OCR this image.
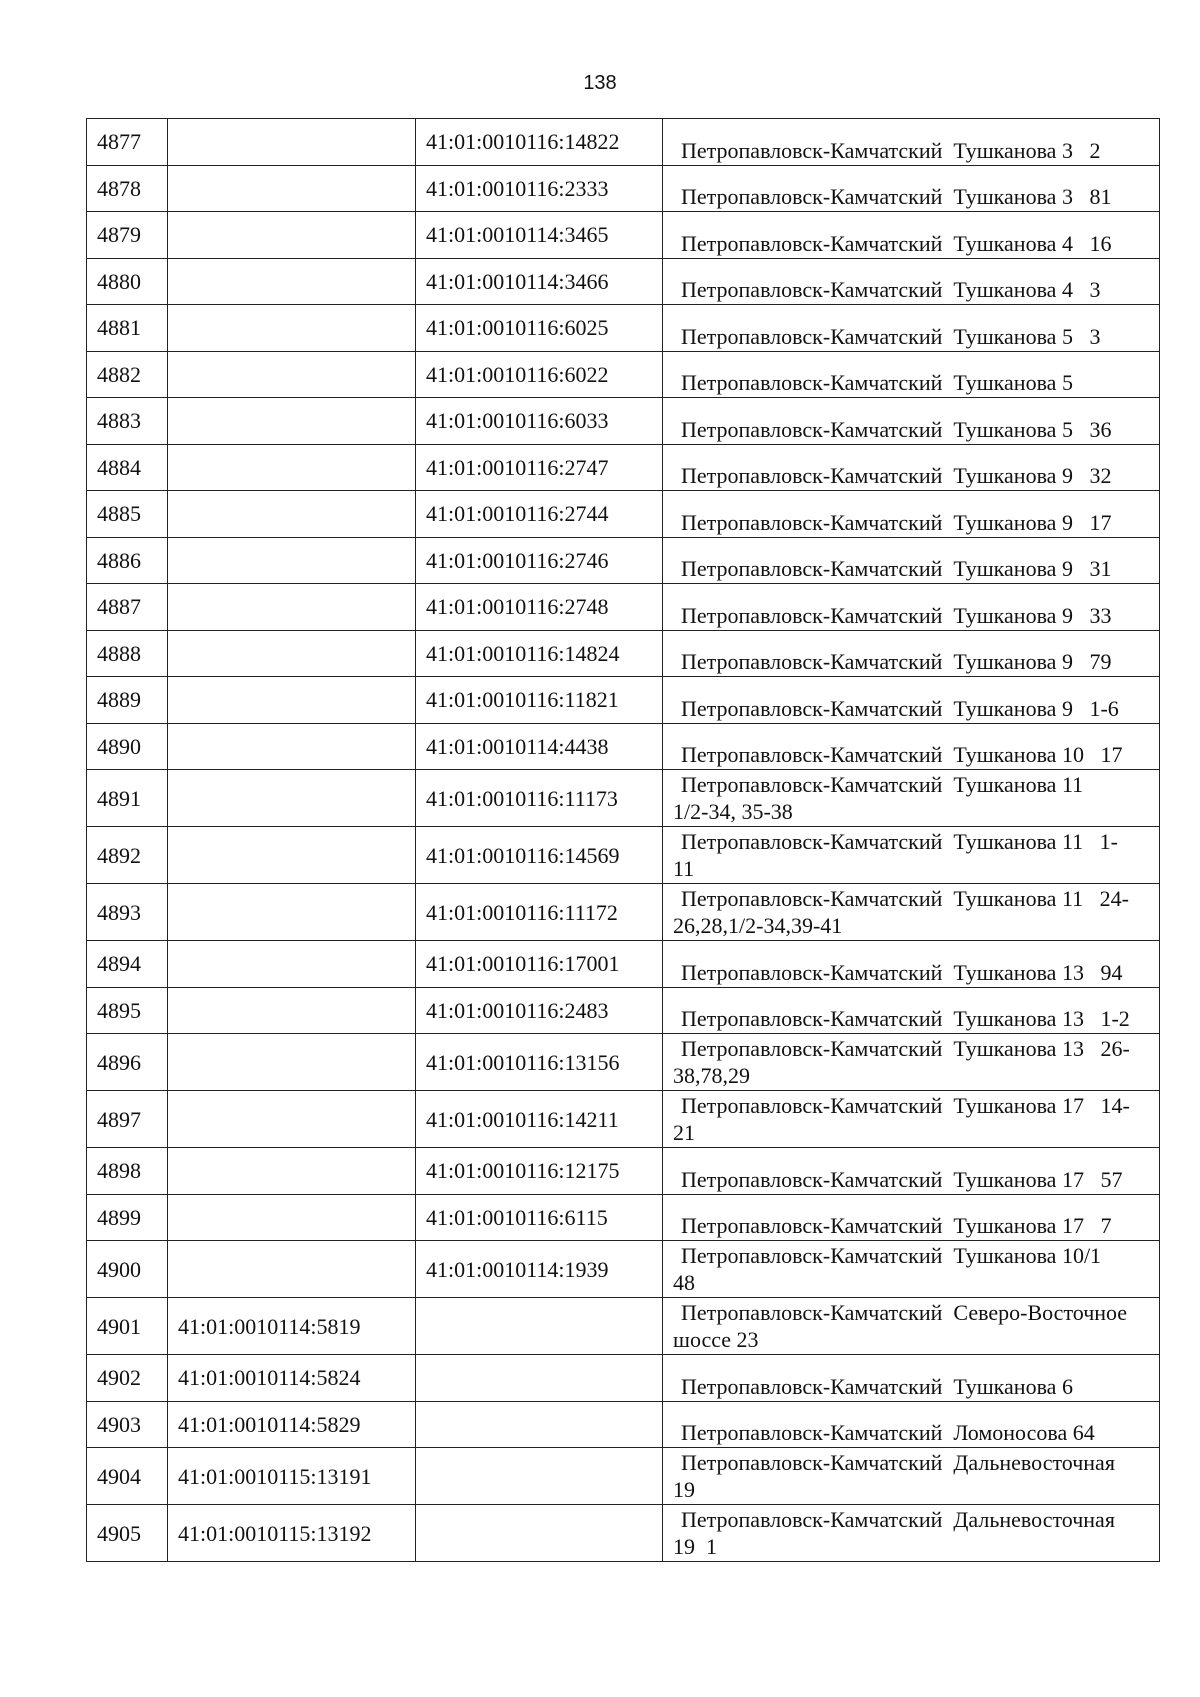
138
4877		41:01:0010116:14822	Петропавловск-Камчатский  Тушканова 3   2
4878		41:01:0010116:2333	Петропавловск-Камчатский  Тушканова 3   81
4879		41:01:0010114:3465	Петропавловск-Камчатский  Тушканова 4   16
4880		41:01:0010114:3466	Петропавловск-Камчатский  Тушканова 4   3
4881		41:01:0010116:6025	Петропавловск-Камчатский  Тушканова 5   3
4882		41:01:0010116:6022	Петропавловск-Камчатский  Тушканова 5
4883		41:01:0010116:6033	Петропавловск-Камчатский  Тушканова 5   36
4884		41:01:0010116:2747	Петропавловск-Камчатский  Тушканова 9   32
4885		41:01:0010116:2744	Петропавловск-Камчатский  Тушканова 9   17
4886		41:01:0010116:2746	Петропавловск-Камчатский  Тушканова 9   31
4887		41:01:0010116:2748	Петропавловск-Камчатский  Тушканова 9   33
4888		41:01:0010116:14824	Петропавловск-Камчатский  Тушканова 9   79
4889		41:01:0010116:11821	Петропавловск-Камчатский  Тушканова 9   1-6
4890		41:01:0010114:4438	Петропавловск-Камчатский  Тушканова 10   17
4891		41:01:0010116:11173	Петропавловск-Камчатский  Тушканова 11
1/2-34, 35-38

4892		41:01:0010116:14569	Петропавловск-Камчатский  Тушканова 11   1-
11

4893		41:01:0010116:11172	Петропавловск-Камчатский  Тушканова 11   24-
26,28,1/2-34,39-41

4894		41:01:0010116:17001	Петропавловск-Камчатский  Тушканова 13   94
4895		41:01:0010116:2483	Петропавловск-Камчатский  Тушканова 13   1-2
4896		41:01:0010116:13156	Петропавловск-Камчатский  Тушканова 13   26-
38,78,29

4897		41:01:0010116:14211	Петропавловск-Камчатский  Тушканова 17   14-
21

4898		41:01:0010116:12175	Петропавловск-Камчатский  Тушканова 17   57
4899		41:01:0010116:6115	Петропавловск-Камчатский  Тушканова 17   7
4900		41:01:0010114:1939	Петропавловск-Камчатский  Тушканова 10/1
48

4901	41:01:0010114:5819		Петропавловск-Камчатский  Северо-Восточное
шоссе 23

4902	41:01:0010114:5824		Петропавловск-Камчатский  Тушканова 6
4903	41:01:0010114:5829		Петропавловск-Камчатский  Ломоносова 64
4904	41:01:0010115:13191		Петропавловск-Камчатский  Дальневосточная
19

4905	41:01:0010115:13192		Петропавловск-Камчатский  Дальневосточная
19  1
